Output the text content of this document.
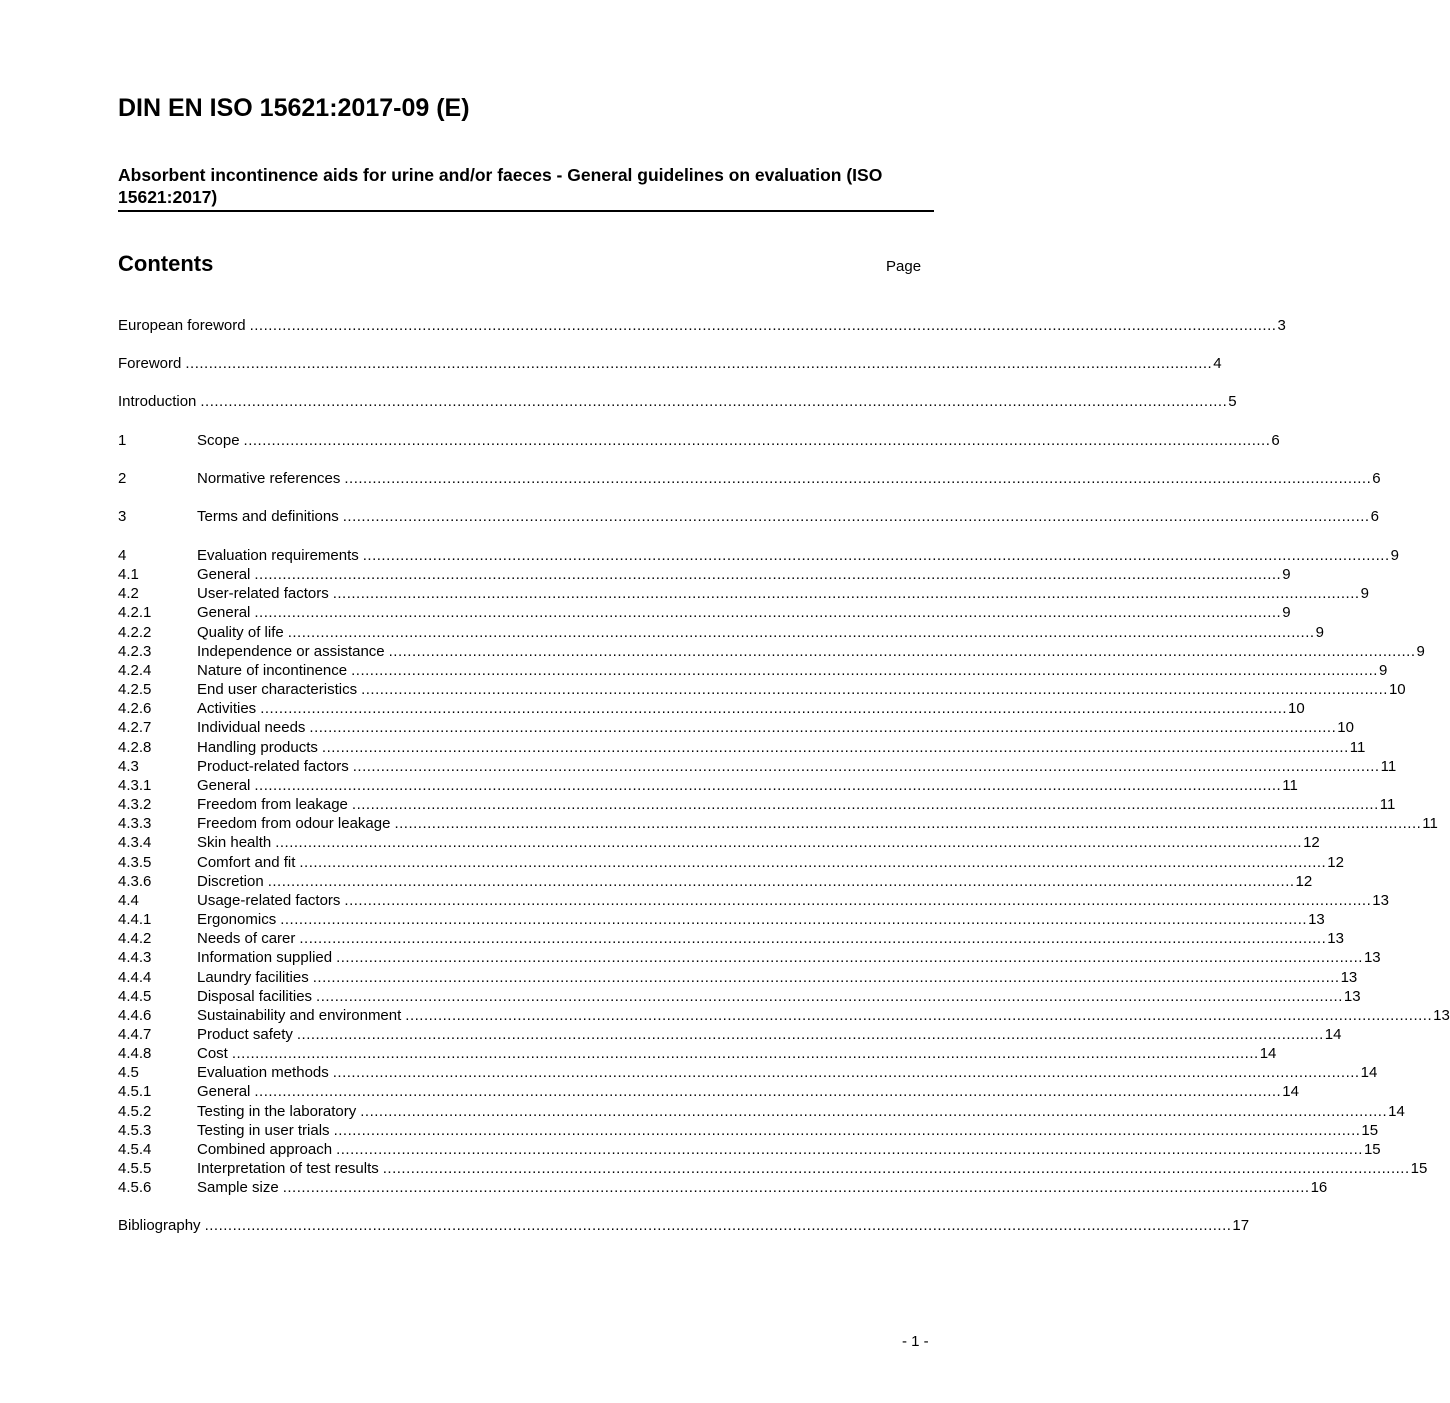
DIN EN ISO 15621:2017-09 (E)
Absorbent incontinence aids for urine and/or faeces - General guidelines on evaluation (ISO 15621:2017)
Contents	Page
European foreword ............................................................................................................................................................................................................................ 3
Foreword ............................................................................................................................................................................................................................ 4
Introduction ............................................................................................................................................................................................................................ 5
1	Scope ............................................................................................................................................................................................................................ 6
2	Normative references ............................................................................................................................................................................................................................ 6
3	Terms and definitions ............................................................................................................................................................................................................................ 6
4	Evaluation requirements ............................................................................................................................................................................................................................ 9
4.1	General ............................................................................................................................................................................................................................ 9
4.2	User-related factors ............................................................................................................................................................................................................................ 9
4.2.1	General ............................................................................................................................................................................................................................ 9
4.2.2	Quality of life ............................................................................................................................................................................................................................ 9
4.2.3	Independence or assistance ............................................................................................................................................................................................................................ 9
4.2.4	Nature of incontinence ............................................................................................................................................................................................................................ 9
4.2.5	End user characteristics ............................................................................................................................................................................................................................ 10
4.2.6	Activities ............................................................................................................................................................................................................................ 10
4.2.7	Individual needs ............................................................................................................................................................................................................................ 10
4.2.8	Handling products ............................................................................................................................................................................................................................ 11
4.3	Product-related factors ............................................................................................................................................................................................................................ 11
4.3.1	General ............................................................................................................................................................................................................................ 11
4.3.2	Freedom from leakage ............................................................................................................................................................................................................................ 11
4.3.3	Freedom from odour leakage ............................................................................................................................................................................................................................ 11
4.3.4	Skin health ............................................................................................................................................................................................................................ 12
4.3.5	Comfort and fit ............................................................................................................................................................................................................................ 12
4.3.6	Discretion ............................................................................................................................................................................................................................ 12
4.4	Usage-related factors ............................................................................................................................................................................................................................ 13
4.4.1	Ergonomics ............................................................................................................................................................................................................................ 13
4.4.2	Needs of carer ............................................................................................................................................................................................................................ 13
4.4.3	Information supplied ............................................................................................................................................................................................................................ 13
4.4.4	Laundry facilities ............................................................................................................................................................................................................................ 13
4.4.5	Disposal facilities ............................................................................................................................................................................................................................ 13
4.4.6	Sustainability and environment ............................................................................................................................................................................................................................ 13
4.4.7	Product safety ............................................................................................................................................................................................................................ 14
4.4.8	Cost ............................................................................................................................................................................................................................ 14
4.5	Evaluation methods ............................................................................................................................................................................................................................ 14
4.5.1	General ............................................................................................................................................................................................................................ 14
4.5.2	Testing in the laboratory ............................................................................................................................................................................................................................ 14
4.5.3	Testing in user trials ............................................................................................................................................................................................................................ 15
4.5.4	Combined approach ............................................................................................................................................................................................................................ 15
4.5.5	Interpretation of test results ............................................................................................................................................................................................................................ 15
4.5.6	Sample size ............................................................................................................................................................................................................................ 16
Bibliography ............................................................................................................................................................................................................................ 17
- 1 -
